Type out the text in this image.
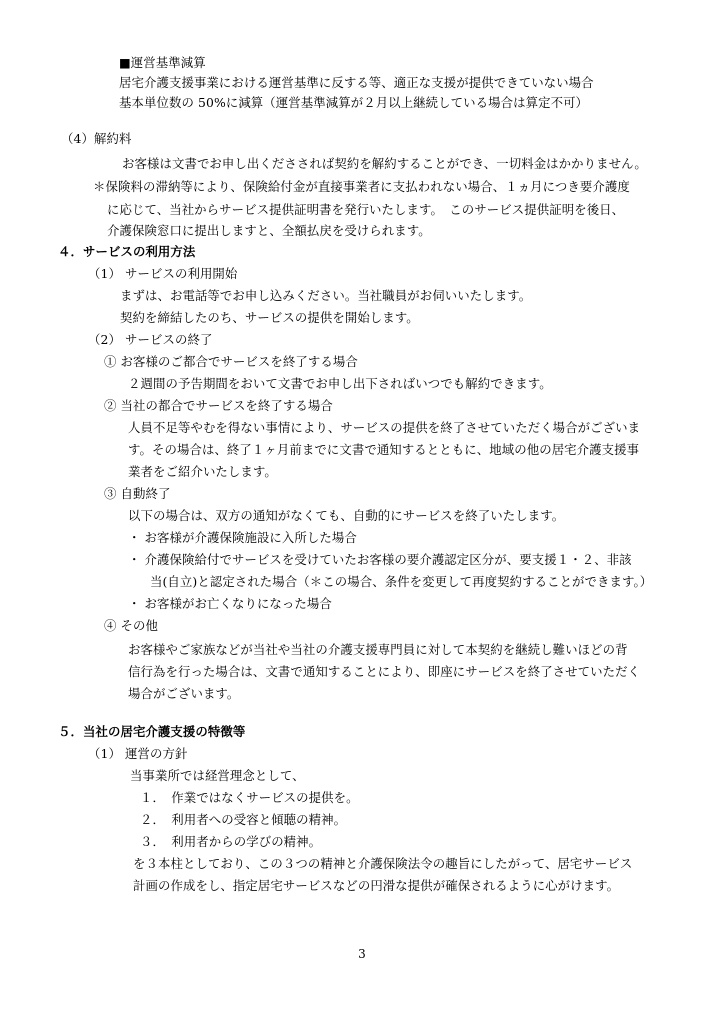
■運営基準減算

居宅介護支援事業における運営基準に反する等、適正な支援が提供できていない場合

基本単位数の 50%に減算（運営基準減算が２月以上継続している場合は算定不可）

（4）解約料

お客様は文書でお申し出くださされば契約を解約することができ、一切料金はかかりません。

＊保険料の滞納等により、保険給付金が直接事業者に支払われない場合、１ヵ月につき要介護度

に応じて、当社からサービス提供証明書を発行いたします。　このサービス提供証明を後日、

介護保険窓口に提出しますと、全額払戻を受けられます。

４．サービスの利用方法

（1） サービスの利用開始

まずは、お電話等でお申し込みください。当社職員がお伺いいたします。

契約を締結したのち、サービスの提供を開始します。

（2） サービスの終了

① お客様のご都合でサービスを終了する場合

２週間の予告期間をおいて文書でお申し出下さればいつでも解約できます。

② 当社の都合でサービスを終了する場合

人員不足等やむを得ない事情により、サービスの提供を終了させていただく場合がございま

す。その場合は、終了１ヶ月前までに文書で通知するとともに、地域の他の居宅介護支援事

業者をご紹介いたします。

③ 自動終了

以下の場合は、双方の通知がなくても、自動的にサービスを終了いたします。

・ お客様が介護保険施設に入所した場合

・ 介護保険給付でサービスを受けていたお客様の要介護認定区分が、要支援１・２、非該

当(自立)と認定された場合（＊この場合、条件を変更して再度契約することができます。）

・ お客様がお亡くなりになった場合

④ その他

お客様やご家族などが当社や当社の介護支援専門員に対して本契約を継続し難いほどの背

信行為を行った場合は、文書で通知することにより、即座にサービスを終了させていただく

場合がございます。

５．当社の居宅介護支援の特徴等

（1） 運営の方針

当事業所では経営理念として、

１．　作業ではなくサービスの提供を。

２．　利用者への受容と傾聴の精神。

３．　利用者からの学びの精神。

を３本柱としており、この３つの精神と介護保険法令の趣旨にしたがって、居宅サービス

計画の作成をし、指定居宅サービスなどの円滑な提供が確保されるように心がけます。

3
